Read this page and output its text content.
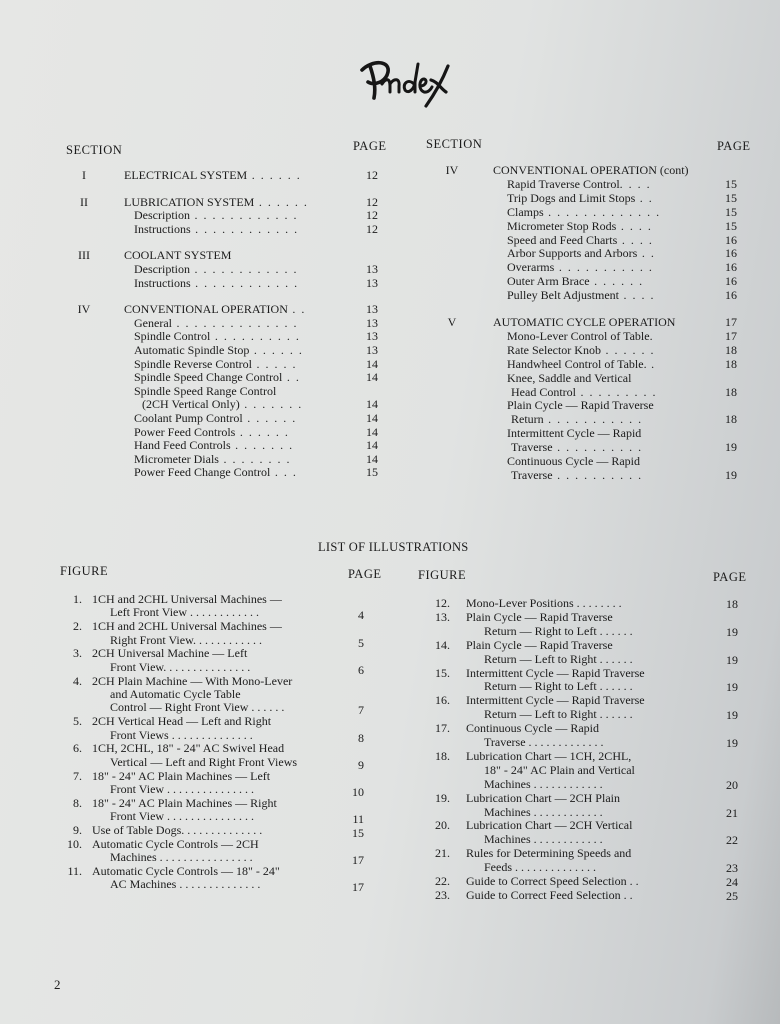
SECTION	PAGE
I	ELECTRICAL SYSTEM . . . . . .	12
II	LUBRICATION SYSTEM . . . . . .	12
Description . . . . . . . . . . . .	12
Instructions . . . . . . . . . . . .	12
III	COOLANT SYSTEM
Description . . . . . . . . . . . .	13
Instructions . . . . . . . . . . . .	13
IV	CONVENTIONAL OPERATION . .	13
General . . . . . . . . . . . . . .	13
Spindle Control . . . . . . . . . .	13
Automatic Spindle Stop . . . . . .	13
Spindle Reverse Control . . . . .	14
Spindle Speed Change Control . .	14
Spindle Speed Range Control
(2CH Vertical Only) . . . . . . .	14
Coolant Pump Control . . . . . .	14
Power Feed Controls . . . . . .	14
Hand Feed Controls . . . . . . .	14
Micrometer Dials . . . . . . . .	14
Power Feed Change Control . . .	15
SECTION	PAGE
IV	CONVENTIONAL OPERATION (cont)
Rapid Traverse Control. . . .	15
Trip Dogs and Limit Stops . .	15
Clamps . . . . . . . . . . . . .	15
Micrometer Stop Rods . . . .	15
Speed and Feed Charts . . . .	16
Arbor Supports and Arbors . .	16
Overarms . . . . . . . . . . .	16
Outer Arm Brace . . . . . .	16
Pulley Belt Adjustment . . . .	16
V	AUTOMATIC CYCLE OPERATION	17
Mono-Lever Control of Table.	17
Rate Selector Knob . . . . . .	18
Handwheel Control of Table. .	18
Knee, Saddle and Vertical
Head Control . . . . . . . . .	18
Plain Cycle — Rapid Traverse
Return . . . . . . . . . . .	18
Intermittent Cycle — Rapid
Traverse . . . . . . . . . .	19
Continuous Cycle — Rapid
Traverse . . . . . . . . . .	19
LIST OF ILLUSTRATIONS
FIGURE	PAGE
1. 1CH and 2CHL Universal Machines —
Left Front View . . . . . . . . . . . .	4
2. 1CH and 2CHL Universal Machines —
Right Front View. . . . . . . . . . . .	5
3. 2CH Universal Machine — Left
Front View. . . . . . . . . . . . . . .	6
4. 2CH Plain Machine — With Mono-Lever
and Automatic Cycle Table
Control — Right Front View . . . . . .	7
5. 2CH Vertical Head — Left and Right
Front Views . . . . . . . . . . . . . .	8
6. 1CH, 2CHL, 18" - 24" AC Swivel Head
Vertical — Left and Right Front Views	9
7. 18" - 24" AC Plain Machines — Left
Front View . . . . . . . . . . . . . . .	10
8. 18" - 24" AC Plain Machines — Right
Front View . . . . . . . . . . . . . . .	11
9. Use of Table Dogs. . . . . . . . . . . . . .	15
10. Automatic Cycle Controls — 2CH
Machines . . . . . . . . . . . . . . . .	17
11. Automatic Cycle Controls — 18" - 24"
AC Machines . . . . . . . . . . . . . .	17
FIGURE	PAGE
12. Mono-Lever Positions . . . . . . . .	18
13. Plain Cycle — Rapid Traverse
Return — Right to Left . . . . . .	19
14. Plain Cycle — Rapid Traverse
Return — Left to Right . . . . . .	19
15. Intermittent Cycle — Rapid Traverse
Return — Right to Left . . . . . .	19
16. Intermittent Cycle — Rapid Traverse
Return — Left to Right . . . . . .	19
17. Continuous Cycle — Rapid
Traverse . . . . . . . . . . . . .	19
18. Lubrication Chart — 1CH, 2CHL,
18" - 24" AC Plain and Vertical
Machines . . . . . . . . . . . .	20
19. Lubrication Chart — 2CH Plain
Machines . . . . . . . . . . . .	21
20. Lubrication Chart — 2CH Vertical
Machines . . . . . . . . . . . .	22
21. Rules for Determining Speeds and
Feeds . . . . . . . . . . . . . .	23
22. Guide to Correct Speed Selection . .	24
23. Guide to Correct Feed Selection . .	25
2
